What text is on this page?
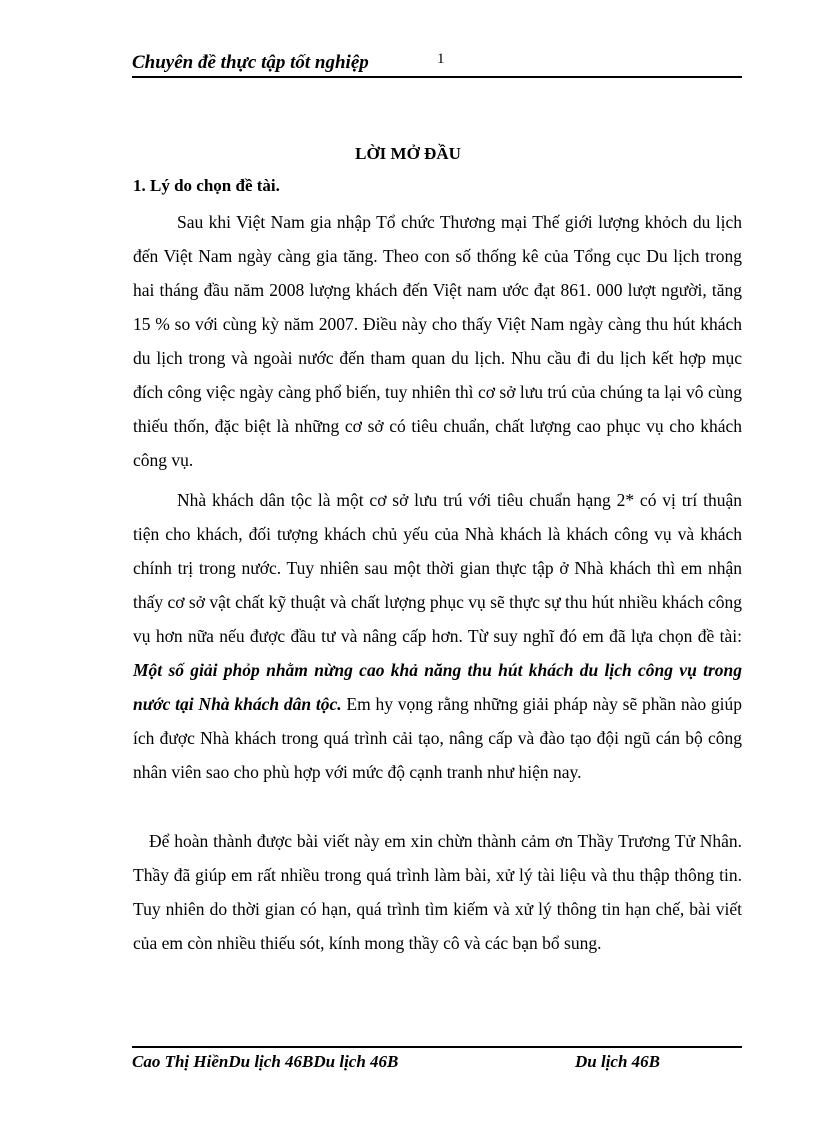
Chuyên đề thực tập tốt nghiệp	1
LỜI MỞ ĐẦU
1. Lý do chọn đề tài.

Sau khi Việt Nam gia nhập Tổ chức Thương mại Thế giới lượng khỏch du lịch đến Việt Nam ngày càng gia tăng. Theo con số thống kê của Tổng cục Du lịch trong hai tháng đầu năm 2008 lượng khách đến Việt nam ước đạt 861. 000 lượt người, tăng 15 % so với cùng kỳ năm 2007. Điều này cho thấy Việt Nam ngày càng thu hút khách du lịch trong và ngoài nước đến tham quan du lịch. Nhu cầu đi du lịch kết hợp mục đích công việc ngày càng phổ biến, tuy nhiên thì cơ sở lưu trú của chúng ta lại vô cùng thiếu thốn, đặc biệt là những cơ sở có tiêu chuẩn, chất lượng cao phục vụ cho khách công vụ.

Nhà khách dân tộc là một cơ sở lưu trú với tiêu chuẩn hạng 2* có vị trí thuận tiện cho khách, đối tượng khách chủ yếu của Nhà khách là khách công vụ và khách chính trị trong nước. Tuy nhiên sau một thời gian thực tập ở Nhà khách thì em nhận thấy cơ sở vật chất kỹ thuật và chất lượng phục vụ sẽ thực sự thu hút nhiều khách công vụ hơn nữa nếu được đầu tư và nâng cấp hơn. Từ suy nghĩ đó em đã lựa chọn đề tài: Một số giải phỏp nhằm nừng cao khả năng thu hút khách du lịch công vụ trong nước tại Nhà khách dân tộc. Em hy vọng rằng những giải pháp này sẽ phần nào giúp ích được Nhà khách trong quá trình cải tạo, nâng cấp và đào tạo đội ngũ cán bộ công nhân viên sao cho phù hợp với mức độ cạnh tranh như hiện nay.

Để hoàn thành được bài viết này em xin chừn thành cảm ơn Thầy Trương Tử Nhân. Thầy đã giúp em rất nhiều trong quá trình làm bài, xử lý tài liệu và thu thập thông tin. Tuy nhiên do thời gian có hạn, quá trình tìm kiếm và xử lý thông tin hạn chế, bài viết của em còn nhiều thiếu sót, kính mong thầy cô và các bạn bổ sung.

Cao Thị HiềnDu lịch 46BDu lịch 46B	Du lịch 46B
